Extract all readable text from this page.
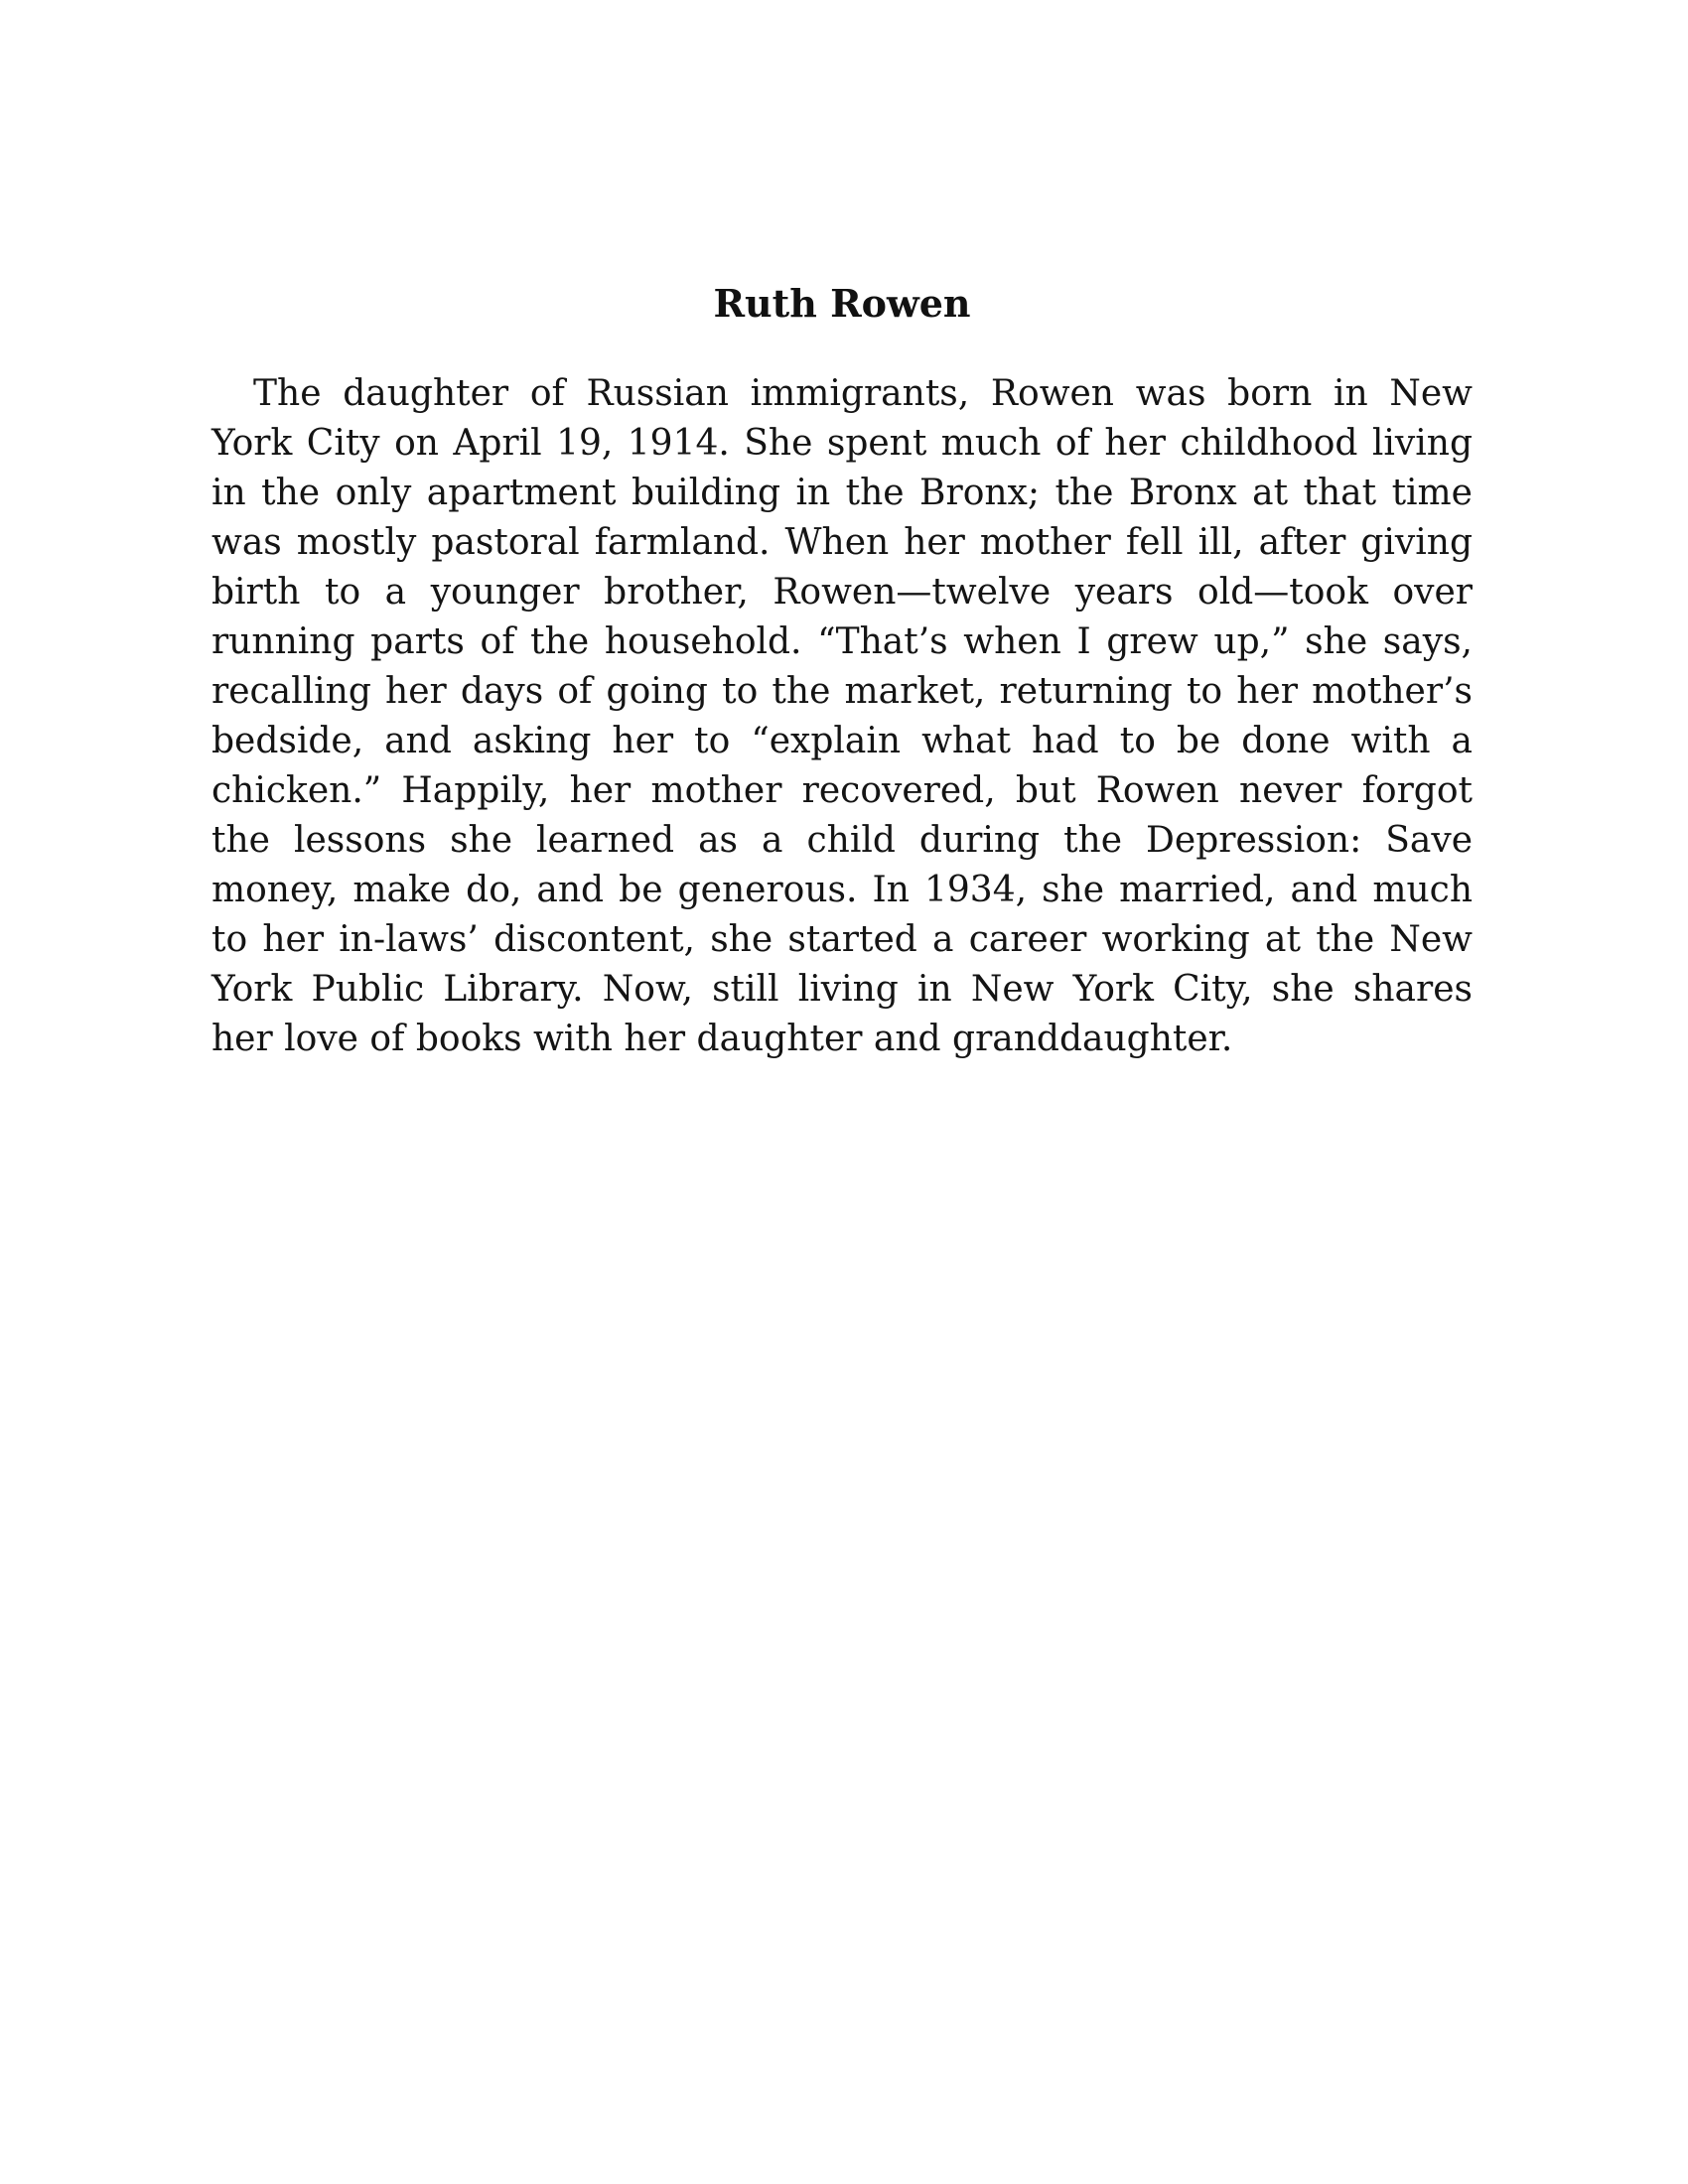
Ruth Rowen
The daughter of Russian immigrants, Rowen was born in New
York City on April 19, 1914. She spent much of her childhood living
in the only apartment building in the Bronx; the Bronx at that time
was mostly pastoral farmland. When her mother fell ill, after giving
birth to a younger brother, Rowen—twelve years old—took over
running parts of the household. “That’s when I grew up,” she says,
recalling her days of going to the market, returning to her mother’s
bedside, and asking her to “explain what had to be done with a
chicken.” Happily, her mother recovered, but Rowen never forgot
the lessons she learned as a child during the Depression: Save
money, make do, and be generous. In 1934, she married, and much
to her in-laws’ discontent, she started a career working at the New
York Public Library. Now, still living in New York City, she shares
her love of books with her daughter and granddaughter.
